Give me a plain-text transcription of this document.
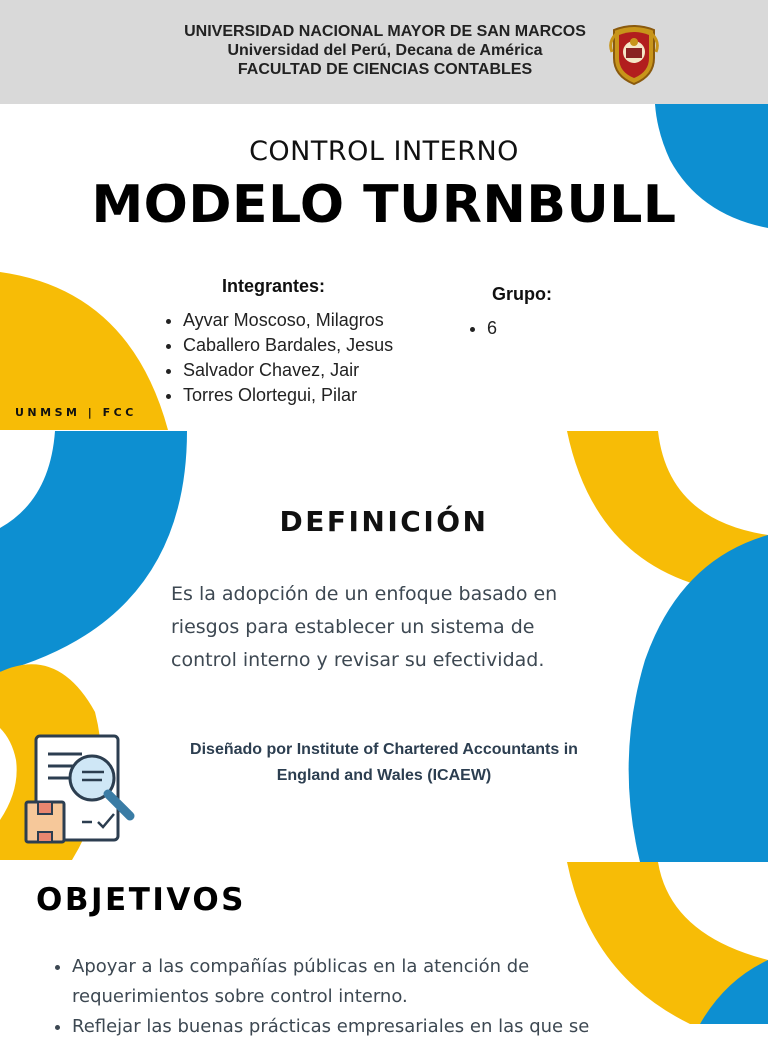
UNIVERSIDAD NACIONAL MAYOR DE SAN MARCOS
Universidad del Perú, Decana de América
FACULTAD DE CIENCIAS CONTABLES
CONTROL INTERNO
MODELO TURNBULL
Integrantes:
• Ayvar Moscoso, Milagros
• Caballero Bardales, Jesus
• Salvador Chavez, Jair
• Torres Olortegui, Pilar
Grupo:
• 6
UNMSM | FCC
DEFINICIÓN
Es la adopción de un enfoque basado en riesgos para establecer un sistema de control interno y revisar su efectividad.
Diseñado por Institute of Chartered Accountants in England and Wales (ICAEW)
OBJETIVOS
• Apoyar a las compañías públicas en la atención de requerimientos sobre control interno.
• Reflejar las buenas prácticas empresariales en las que se
